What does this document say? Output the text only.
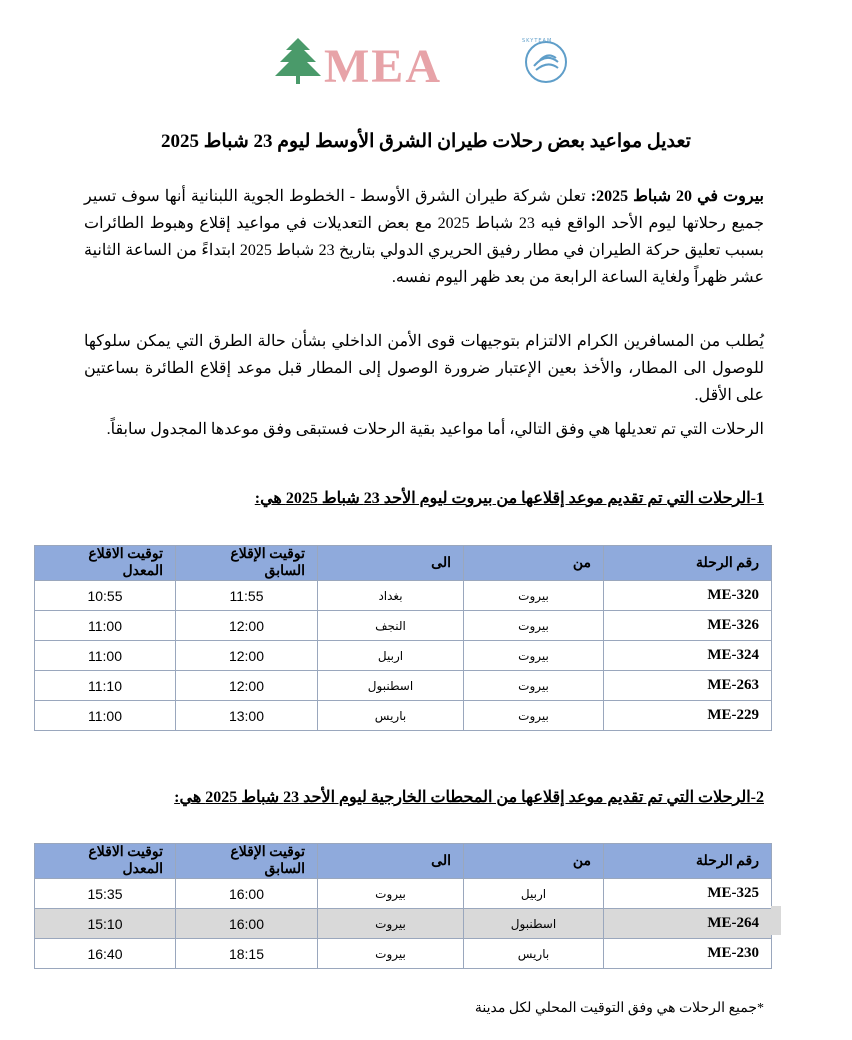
MEA	SKYTEAM
تعديل مواعيد بعض رحلات طيران الشرق الأوسط ليوم 23 شباط 2025
بيروت في 20 شباط 2025: تعلن شركة طيران الشرق الأوسط - الخطوط الجوية اللبنانية أنها سوف تسير جميع رحلاتها ليوم الأحد الواقع فيه 23 شباط 2025 مع بعض التعديلات في مواعيد إقلاع وهبوط الطائرات بسبب تعليق حركة الطيران في مطار رفيق الحريري الدولي بتاريخ 23 شباط 2025 ابتداءً من الساعة الثانية عشر ظهراً ولغاية الساعة الرابعة من بعد ظهر اليوم نفسه.
يُطلب من المسافرين الكرام الالتزام بتوجيهات قوى الأمن الداخلي بشأن حالة الطرق التي يمكن سلوكها للوصول الى المطار، والأخذ بعين الإعتبار ضرورة الوصول إلى المطار قبل موعد إقلاع الطائرة بساعتين على الأقل.
الرحلات التي تم تعديلها هي وفق التالي، أما مواعيد بقية الرحلات فستبقى وفق موعدها المجدول سابقاً.
1-الرحلات التي تم تقديم موعد إقلاعها من بيروت ليوم الأحد 23 شباط 2025 هي:
رقم الرحلة	من	الى	توقيت الإقلاع السابق	توقيت الاقلاع المعدل
ME-320	بيروت	بغداد	11:55	10:55
ME-326	بيروت	النجف	12:00	11:00
ME-324	بيروت	اربيل	12:00	11:00
ME-263	بيروت	اسطنبول	12:00	11:10
ME-229	بيروت	باريس	13:00	11:00
2-الرحلات التي تم تقديم موعد إقلاعها من المحطات الخارجية ليوم الأحد 23 شباط 2025 هي:
رقم الرحلة	من	الى	توقيت الإقلاع السابق	توقيت الاقلاع المعدل
ME-325	اربيل	بيروت	16:00	15:35
ME-264	اسطنبول	بيروت	16:00	15:10
ME-230	باريس	بيروت	18:15	16:40
*جميع الرحلات هي وفق التوقيت المحلي لكل مدينة
